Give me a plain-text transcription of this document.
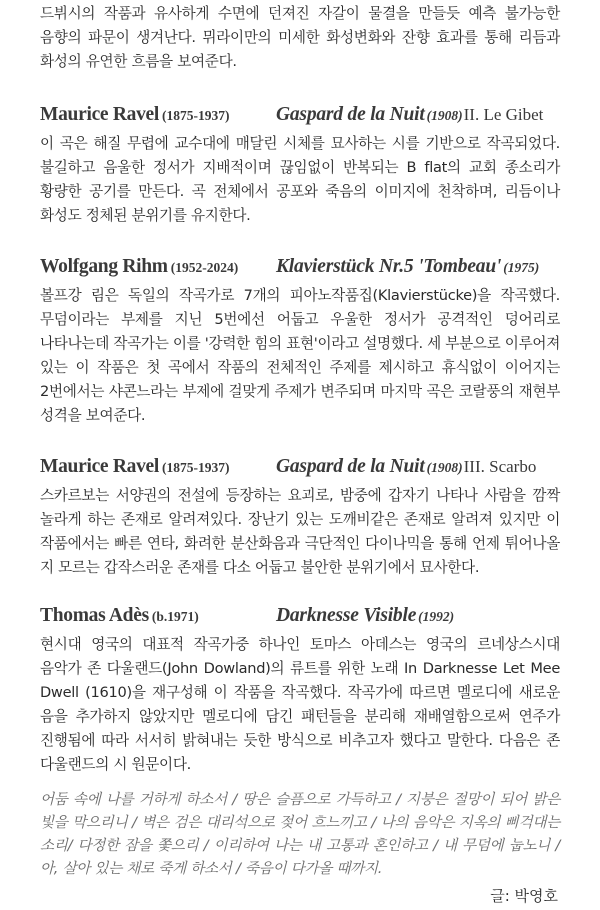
드뷔시의 작품과 유사하게 수면에 던져진 자갈이 물결을 만들듯 예측 불가능한 음향의 파문이 생겨난다. 뮈라이만의 미세한 화성변화와 잔향 효과를 통해 리듬과 화성의 유연한 흐름을 보여준다.

Maurice Ravel (1875-1937) Gaspard de la Nuit (1908)II. Le Gibet

이 곡은 해질 무렵에 교수대에 매달린 시체를 묘사하는 시를 기반으로 작곡되었다. 불길하고 음울한 정서가 지배적이며 끊임없이 반복되는 B flat의 교회 종소리가 황량한 공기를 만든다. 곡 전체에서 공포와 죽음의 이미지에 천착하며, 리듬이나 화성도 정체된 분위기를 유지한다.

Wolfgang Rihm (1952-2024) Klavierstück Nr.5 'Tombeau' (1975)

볼프강 림은 독일의 작곡가로 7개의 피아노작품집(Klavierstücke)을 작곡했다. 무덤이라는 부제를 지닌 5번에선 어둡고 우울한 정서가 공격적인 덩어리로 나타나는데 작곡가는 이를 '강력한 힘의 표현'이라고 설명했다. 세 부분으로 이루어져 있는 이 작품은 첫 곡에서 작품의 전체적인 주제를 제시하고 휴식없이 이어지는 2번에서는 샤콘느라는 부제에 걸맞게 주제가 변주되며 마지막 곡은 코랄풍의 재현부 성격을 보여준다.

Maurice Ravel (1875-1937) Gaspard de la Nuit (1908)III. Scarbo

스카르보는 서양권의 전설에 등장하는 요괴로, 밤중에 갑자기 나타나 사람을 깜짝 놀라게 하는 존재로 알려져있다. 장난기 있는 도깨비같은 존재로 알려져 있지만 이 작품에서는 빠른 연타, 화려한 분산화음과 극단적인 다이나믹을 통해 언제 튀어나올 지 모르는 갑작스러운 존재를 다소 어둡고 불안한 분위기에서 묘사한다.

Thomas Adès (b.1971)	Darknesse Visible (1992)

현시대 영국의 대표적 작곡가중 하나인 토마스 아데스는 영국의 르네상스시대 음악가 존 다울랜드(John Dowland)의 류트를 위한 노래 In Darknesse Let Mee Dwell (1610)을 재구성해 이 작품을 작곡했다. 작곡가에 따르면 멜로디에 새로운 음을 추가하지 않았지만 멜로디에 담긴 패턴들을 분리해 재배열함으로써 연주가 진행됨에 따라 서서히 밝혀내는 듯한 방식으로 비추고자 했다고 말한다. 다음은 존 다울랜드의 시 원문이다.

어둠 속에 나를 거하게 하소서 / 땅은 슬픔으로 가득하고 / 지붕은 절망이 되어 밝은 빛을 막으리니 / 벽은 검은 대리석으로 젖어 흐느끼고 / 나의 음악은 지옥의 삐걱대는 소리/ 다정한 잠을 쫓으리 / 이리하여 나는 내 고통과 혼인하고 / 내 무덤에 눕노니 / 아, 살아 있는 채로 죽게 하소서 / 죽음이 다가올 때까지.

글: 박영호
